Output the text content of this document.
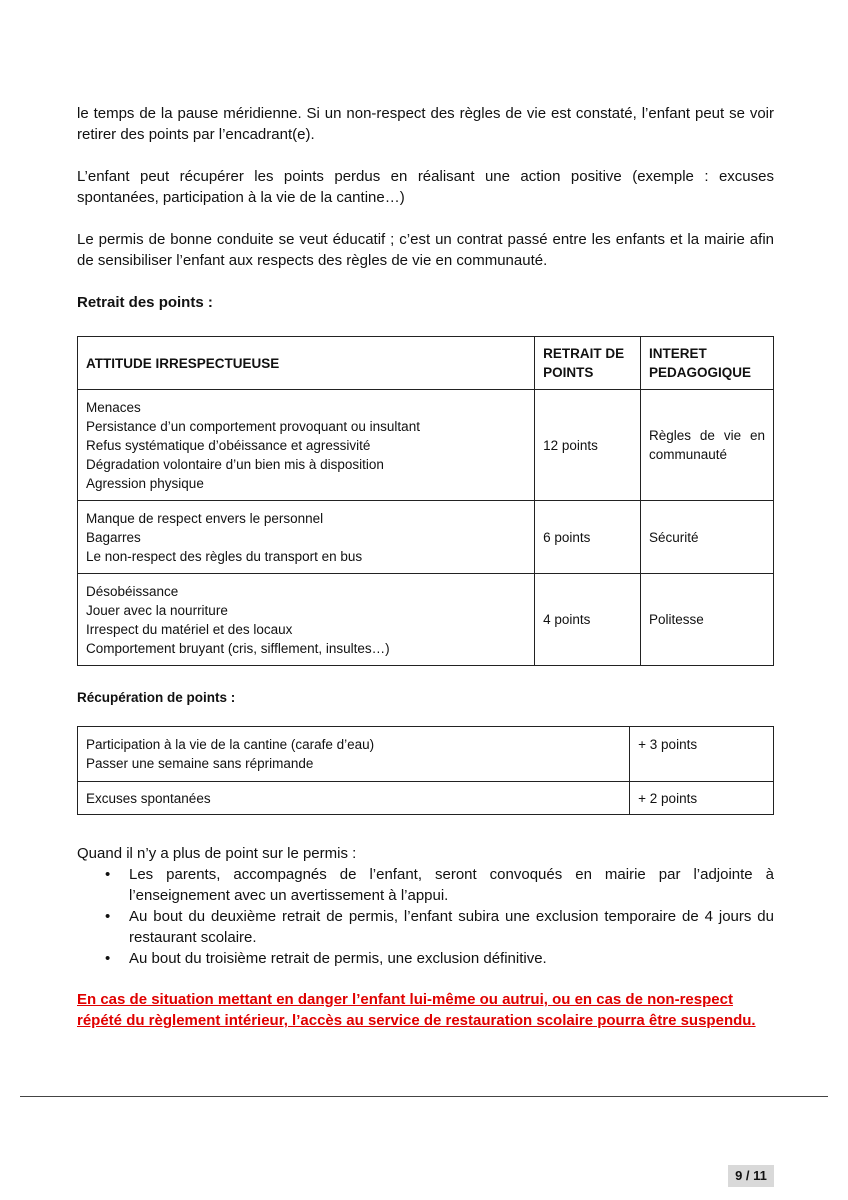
le temps de la pause méridienne. Si un non-respect des règles de vie est constaté, l’enfant peut se voir retirer des points par l’encadrant(e).

L’enfant peut récupérer les points perdus en réalisant une action positive (exemple : excuses spontanées, participation à la vie de la cantine…)

Le permis de bonne conduite se veut éducatif ; c’est un contrat passé entre les enfants et la mairie afin de sensibiliser l’enfant aux respects des règles de vie en communauté.

Retrait des points :

ATTITUDE IRRESPECTUEUSE	RETRAIT DE POINTS	INTERET PEDAGOGIQUE

Menaces
Persistance d’un comportement provoquant ou insultant
Refus systématique d’obéissance et agressivité
Dégradation volontaire d’un bien mis à disposition
Agression physique	12 points	Règles de vie en communauté

Manque de respect envers le personnel
Bagarres
Le non-respect des règles du transport en bus	6 points	Sécurité

Désobéissance
Jouer avec la nourriture
Irrespect du matériel et des locaux
Comportement bruyant (cris, sifflement, insultes…)	4 points	Politesse

Récupération de points :

Participation à la vie de la cantine (carafe d’eau)
Passer une semaine sans réprimande	+ 3 points
Excuses spontanées	+ 2 points

Quand il n’y a plus de point sur le permis :

• Les parents, accompagnés de l’enfant, seront convoqués en mairie par l’adjointe à l’enseignement avec un avertissement à l’appui.
• Au bout du deuxième retrait de permis, l’enfant subira une exclusion temporaire de 4 jours du restaurant scolaire.
• Au bout du troisième retrait de permis, une exclusion définitive.

En cas de situation mettant en danger l’enfant lui-même ou autrui, ou en cas de non-respect répété du règlement intérieur, l’accès au service de restauration scolaire pourra être suspendu.

9 / 11
